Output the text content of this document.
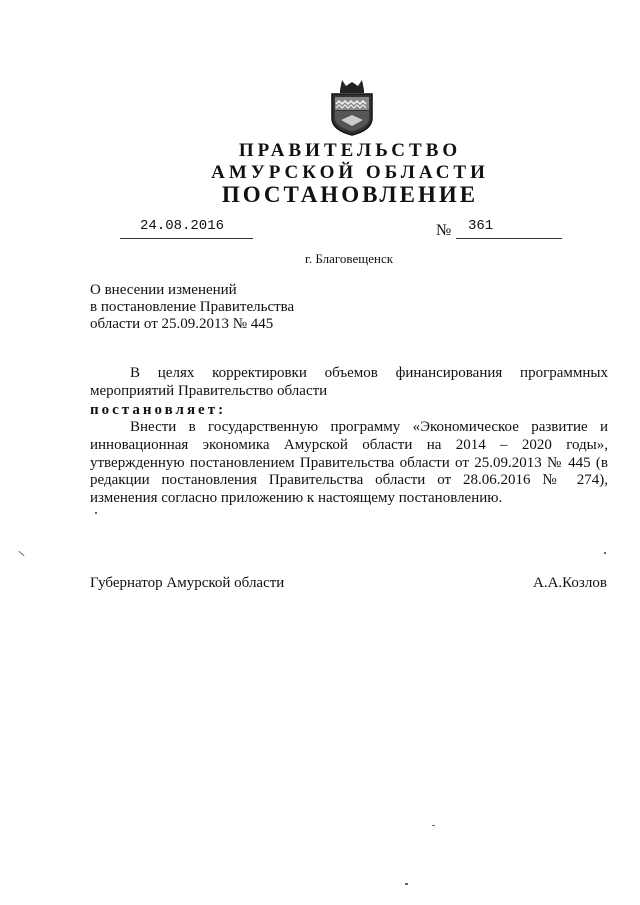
ПРАВИТЕЛЬСТВО
АМУРСКОЙ ОБЛАСТИ
ПОСТАНОВЛЕНИЕ
24.08.2016	№ 361
г. Благовещенск
О внесении изменений
в постановление Правительства
области от 25.09.2013 № 445
В целях корректировки объемов финансирования программных мероприятий Правительство области
постановляет:
Внести в государственную программу «Экономическое развитие и инновационная экономика Амурской области на 2014 – 2020 годы», утвержденную постановлением Правительства области от 25.09.2013 № 445 (в редакции постановления Правительства области от 28.06.2016 № 274), изменения согласно приложению к настоящему постановлению.
Губернатор Амурской области	А.А.Козлов
